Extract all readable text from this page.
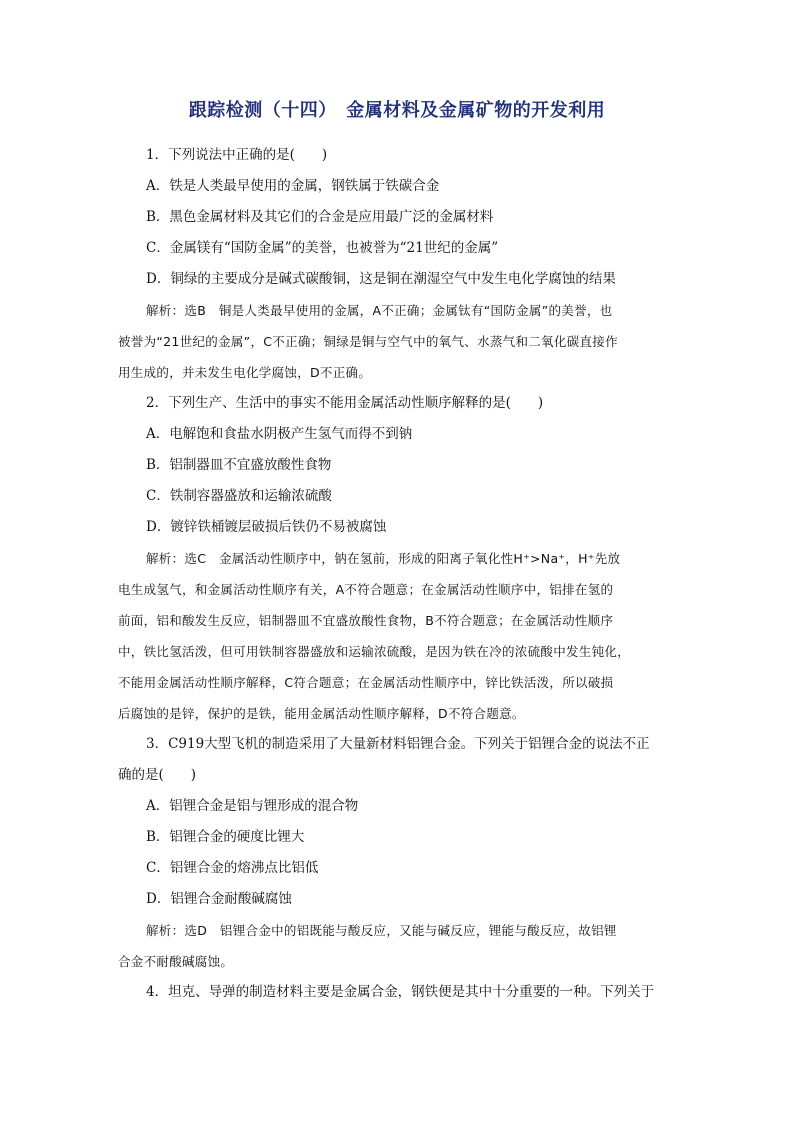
跟踪检测（十四）　金属材料及金属矿物的开发利用
1．下列说法中正确的是(　　)
A．铁是人类最早使用的金属，钢铁属于铁碳合金
B．黑色金属材料及其它们的合金是应用最广泛的金属材料
C．金属镁有“国防金属”的美誉，也被誉为“21世纪的金属”
D．铜绿的主要成分是碱式碳酸铜，这是铜在潮湿空气中发生电化学腐蚀的结果
解析：选B　铜是人类最早使用的金属，A不正确；金属钛有“国防金属”的美誉，也
被誉为“21世纪的金属”，C不正确；铜绿是铜与空气中的氧气、水蒸气和二氧化碳直接作
用生成的，并未发生电化学腐蚀，D不正确。
2．下列生产、生活中的事实不能用金属活动性顺序解释的是(　　)
A．电解饱和食盐水阴极产生氢气而得不到钠
B．铝制器皿不宜盛放酸性食物
C．铁制容器盛放和运输浓硫酸
D．镀锌铁桶镀层破损后铁仍不易被腐蚀
解析：选C　金属活动性顺序中，钠在氢前，形成的阳离子氧化性H⁺>Na⁺，H⁺先放
电生成氢气，和金属活动性顺序有关，A不符合题意；在金属活动性顺序中，铝排在氢的
前面，铝和酸发生反应，铝制器皿不宜盛放酸性食物，B不符合题意；在金属活动性顺序
中，铁比氢活泼，但可用铁制容器盛放和运输浓硫酸，是因为铁在冷的浓硫酸中发生钝化，
不能用金属活动性顺序解释，C符合题意；在金属活动性顺序中，锌比铁活泼，所以破损
后腐蚀的是锌，保护的是铁，能用金属活动性顺序解释，D不符合题意。
3．C919大型飞机的制造采用了大量新材料铝锂合金。下列关于铝锂合金的说法不正
确的是(　　)
A．铝锂合金是铝与锂形成的混合物
B．铝锂合金的硬度比锂大
C．铝锂合金的熔沸点比铝低
D．铝锂合金耐酸碱腐蚀
解析：选D　铝锂合金中的铝既能与酸反应，又能与碱反应，锂能与酸反应，故铝锂
合金不耐酸碱腐蚀。
4．坦克、导弹的制造材料主要是金属合金，钢铁便是其中十分重要的一种。下列关于
